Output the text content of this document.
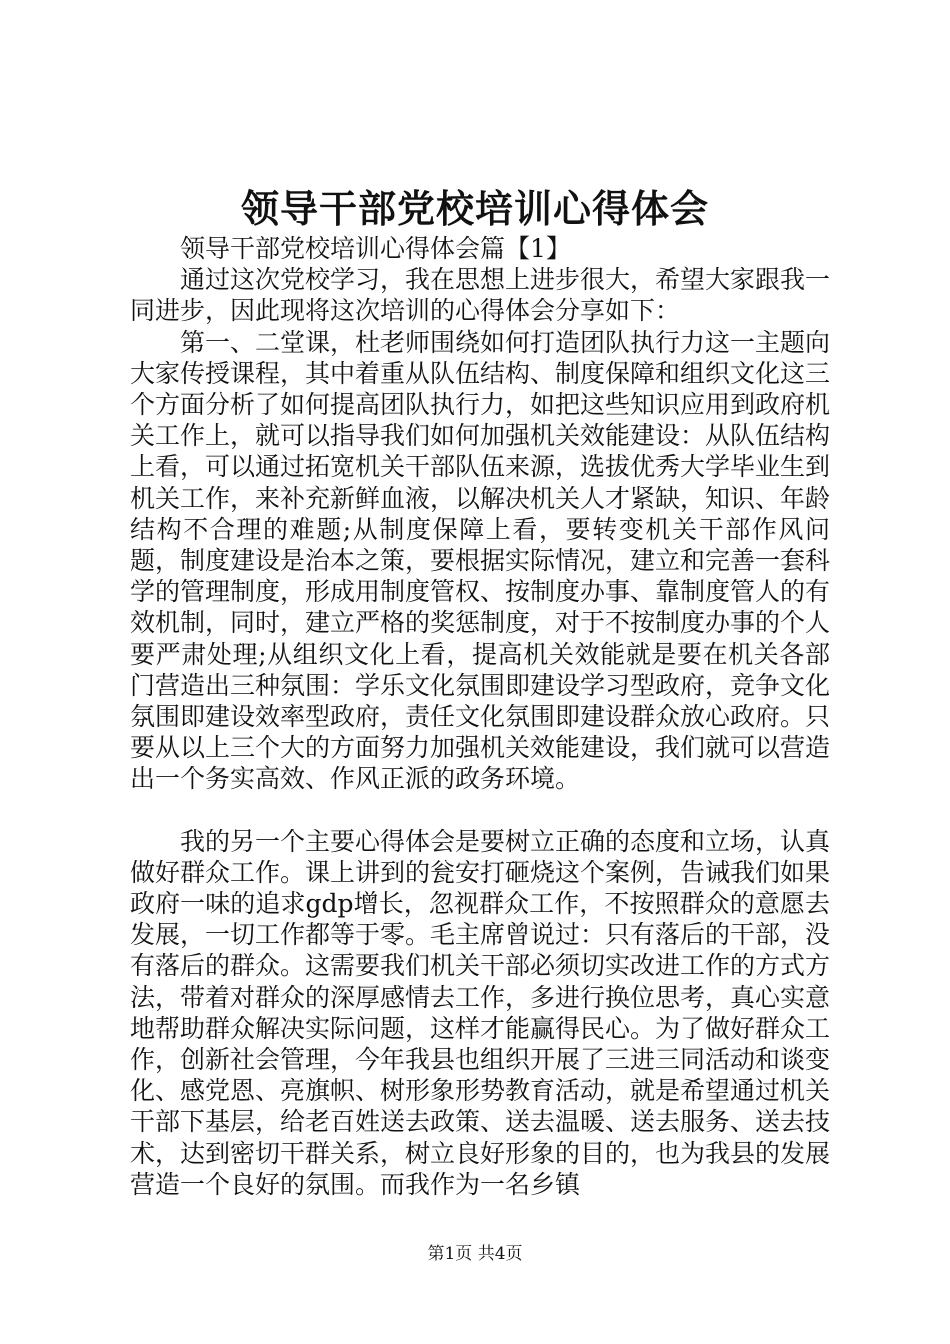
领导干部党校培训心得体会

领导干部党校培训心得体会篇【1】

通过这次党校学习，我在思想上进步很大，希望大家跟我一同进步，因此现将这次培训的心得体会分享如下：

第一、二堂课，杜老师围绕如何打造团队执行力这一主题向大家传授课程，其中着重从队伍结构、制度保障和组织文化这三个方面分析了如何提高团队执行力，如把这些知识应用到政府机关工作上，就可以指导我们如何加强机关效能建设：从队伍结构上看，可以通过拓宽机关干部队伍来源，选拔优秀大学毕业生到机关工作，来补充新鲜血液，以解决机关人才紧缺，知识、年龄结构不合理的难题;从制度保障上看，要转变机关干部作风问题，制度建设是治本之策，要根据实际情况，建立和完善一套科学的管理制度，形成用制度管权、按制度办事、靠制度管人的有效机制，同时，建立严格的奖惩制度，对于不按制度办事的个人要严肃处理;从组织文化上看，提高机关效能就是要在机关各部门营造出三种氛围：学乐文化氛围即建设学习型政府，竞争文化氛围即建设效率型政府，责任文化氛围即建设群众放心政府。只要从以上三个大的方面努力加强机关效能建设，我们就可以营造出一个务实高效、作风正派的政务环境。

我的另一个主要心得体会是要树立正确的态度和立场，认真做好群众工作。课上讲到的瓮安打砸烧这个案例，告诫我们如果政府一味的追求gdp增长，忽视群众工作，不按照群众的意愿去发展，一切工作都等于零。毛主席曾说过：只有落后的干部，没有落后的群众。这需要我们机关干部必须切实改进工作的方式方法，带着对群众的深厚感情去工作，多进行换位思考，真心实意地帮助群众解决实际问题，这样才能赢得民心。为了做好群众工作，创新社会管理，今年我县也组织开展了三进三同活动和谈变化、感党恩、亮旗帜、树形象形势教育活动，就是希望通过机关干部下基层，给老百姓送去政策、送去温暖、送去服务、送去技术，达到密切干群关系，树立良好形象的目的，也为我县的发展营造一个良好的氛围。而我作为一名乡镇

第1页 共4页
